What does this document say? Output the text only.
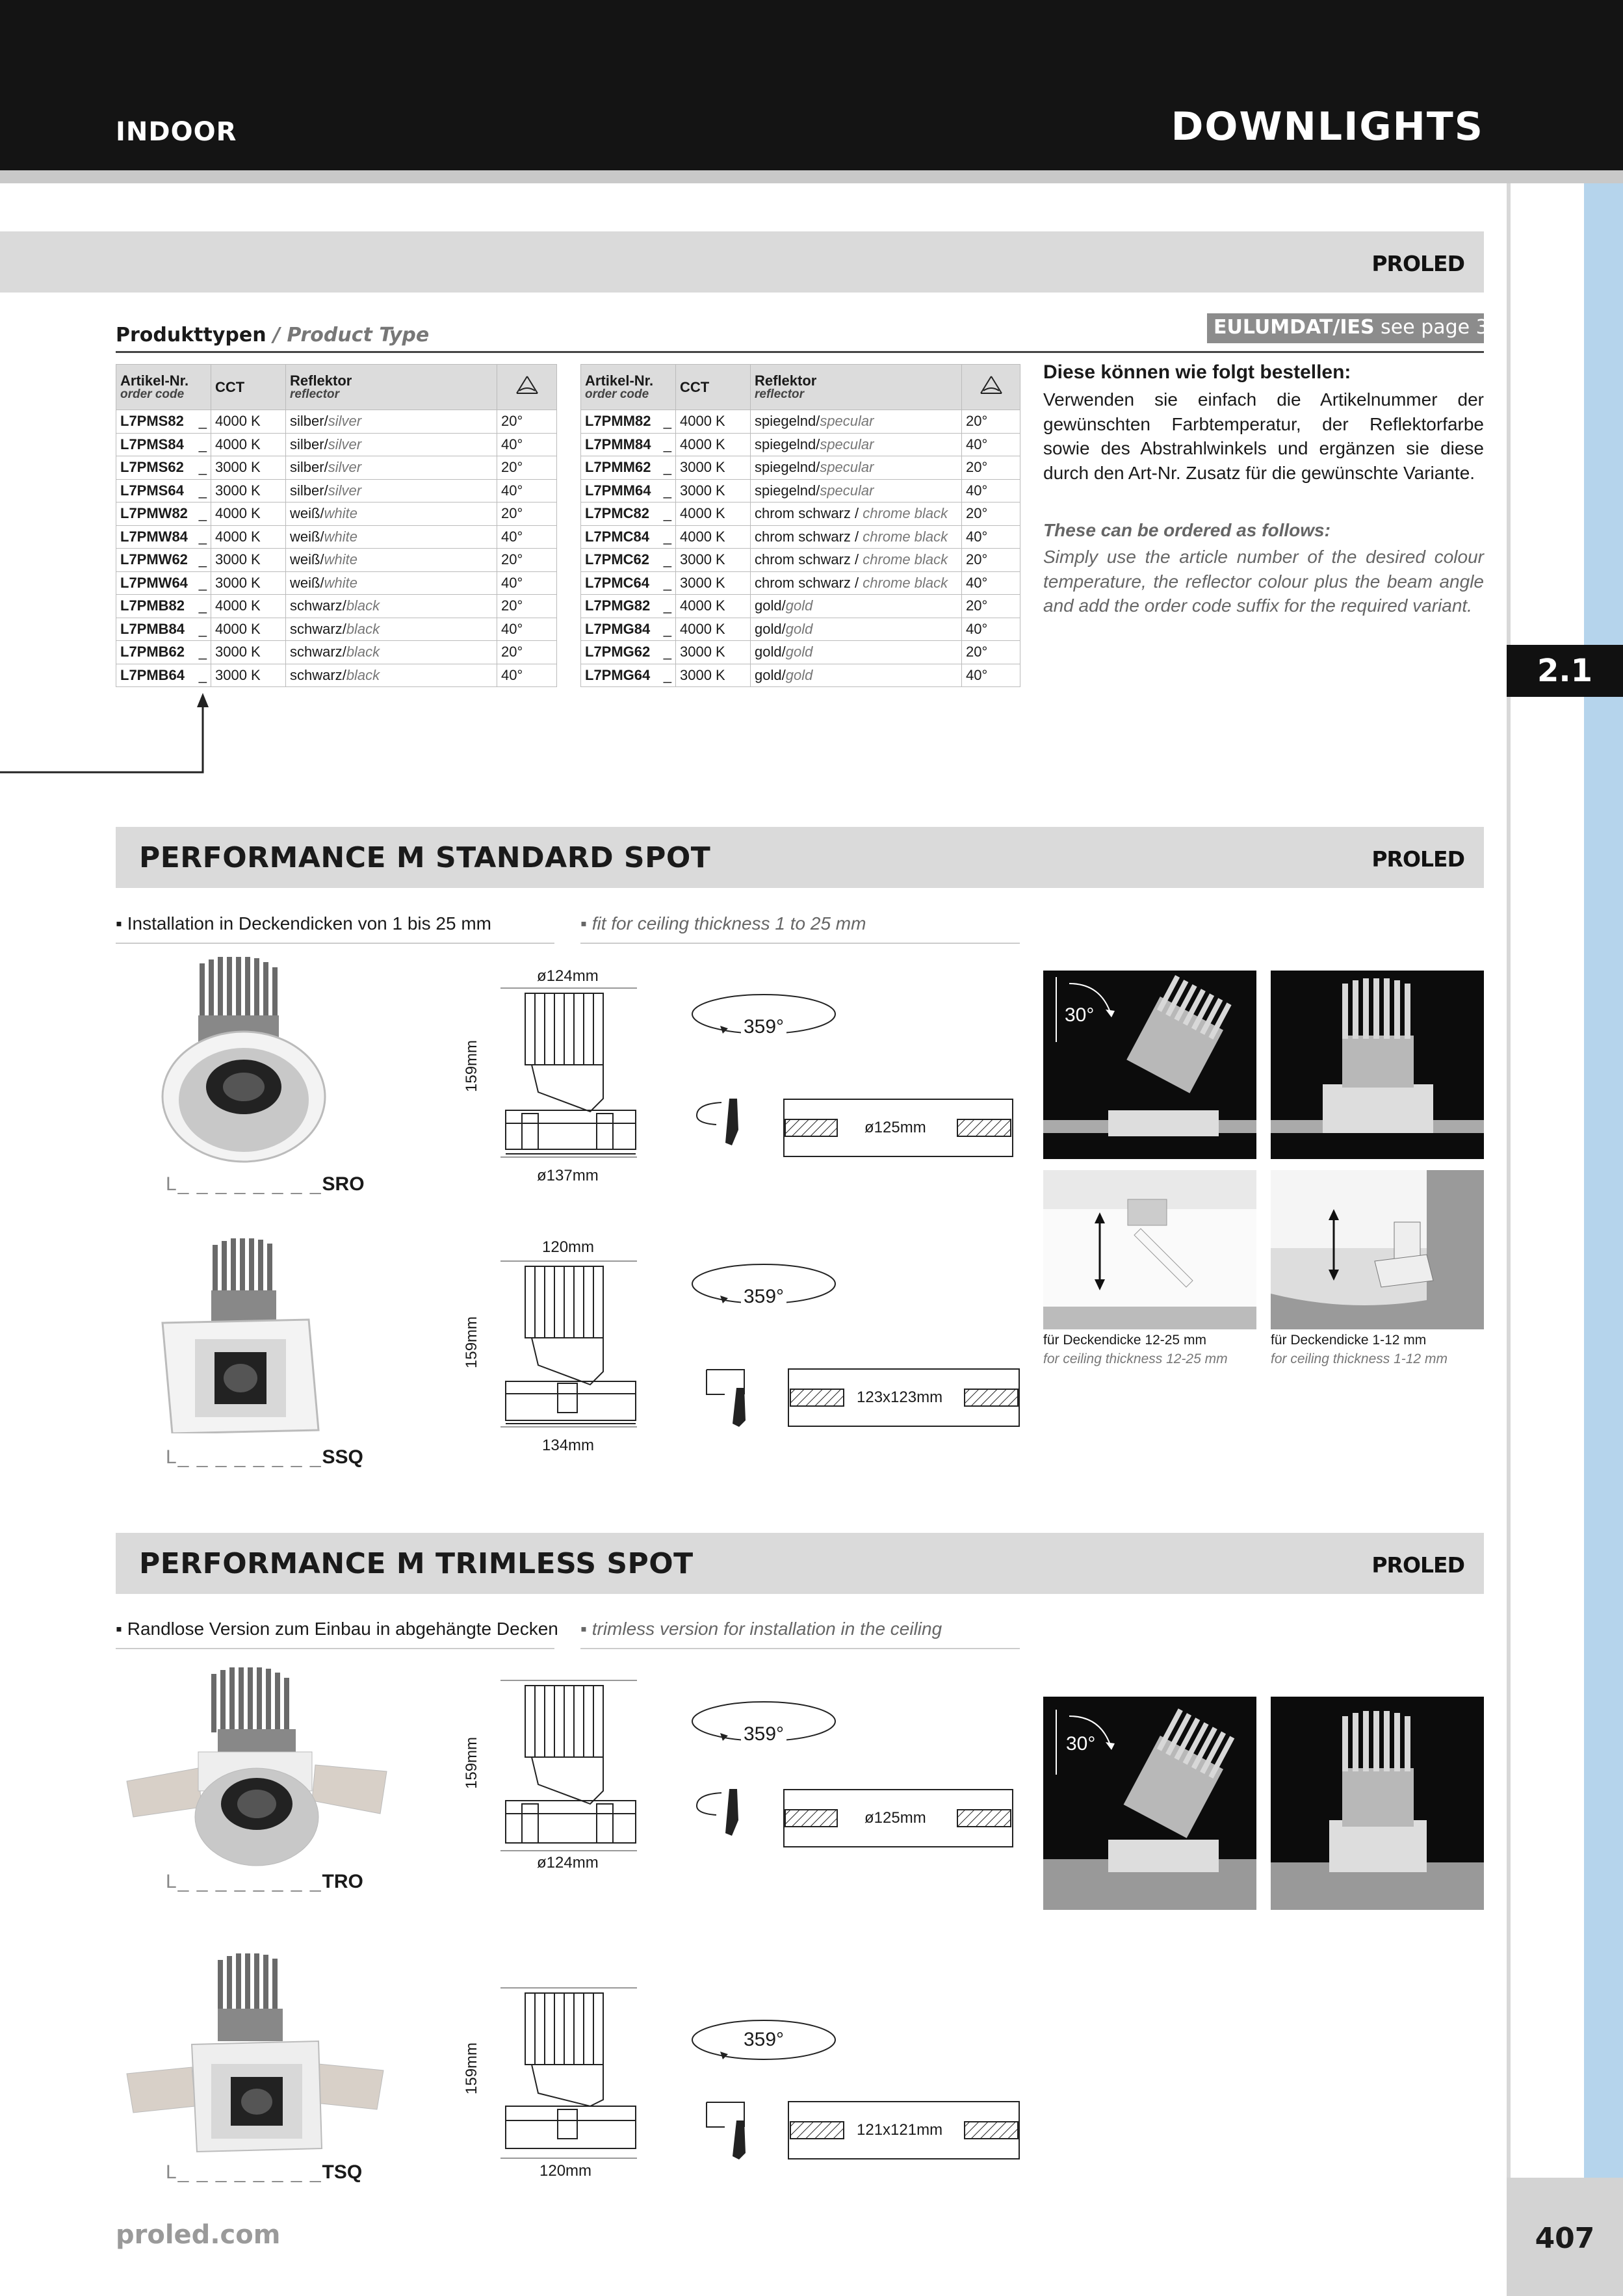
INDOOR	DOWNLIGHTS
2.1
PROLED
Produkttypen / Product Type	EULUMDAT/IES see page 34
Artikel-Nr.
order code	CCT	Reflektor
reflector

L7PMS82 _	4000 K	silber/silver	20°
L7PMS84 _	4000 K	silber/silver	40°
L7PMS62 _	3000 K	silber/silver	20°
L7PMS64 _	3000 K	silber/silver	40°
L7PMW82 _	4000 K	weiß/white	20°
L7PMW84 _	4000 K	weiß/white	40°
L7PMW62 _	3000 K	weiß/white	20°
L7PMW64 _	3000 K	weiß/white	40°
L7PMB82 _	4000 K	schwarz/black	20°
L7PMB84 _	4000 K	schwarz/black	40°
L7PMB62 _	3000 K	schwarz/black	20°
L7PMB64 _	3000 K	schwarz/black	40°
Artikel-Nr.
order code	CCT	Reflektor
reflector

L7PMM82 _	4000 K	spiegelnd/specular	20°
L7PMM84 _	4000 K	spiegelnd/specular	40°
L7PMM62 _	3000 K	spiegelnd/specular	20°
L7PMM64 _	3000 K	spiegelnd/specular	40°
L7PMC82 _	4000 K	chrom schwarz / chrome black	20°
L7PMC84 _	4000 K	chrom schwarz / chrome black	40°
L7PMC62 _	3000 K	chrom schwarz / chrome black	20°
L7PMC64 _	3000 K	chrom schwarz / chrome black	40°
L7PMG82 _	4000 K	gold/gold	20°
L7PMG84 _	4000 K	gold/gold	40°
L7PMG62 _	3000 K	gold/gold	20°
L7PMG64 _	3000 K	gold/gold	40°
Diese können wie folgt bestellen:
Verwenden sie einfach die Artikelnummer der gewünschten Farbtemperatur, der Reflektorfarbe sowie des Abstrahlwinkels und ergänzen sie diese durch den Art-Nr. Zusatz für die gewünschte Variante.
These can be ordered as follows:
Simply use the article number of the desired colour temperature, the reflector colour plus the beam angle and add the order code suffix for the required variant.
PERFORMANCE M STANDARD SPOT	PROLED
▪ Installation in Deckendicken von 1 bis 25 mm	▪ fit for ceiling thickness 1 to 25 mm
L_ _ _ _ _ _ _ _SRO
ø124mm
159mm
ø137mm
359°
ø125mm
L_ _ _ _ _ _ _ _SSQ
120mm
159mm
134mm
359°
123x123mm
30°
für Deckendicke 12-25 mm
for ceiling thickness 12-25 mm
für Deckendicke 1-12 mm
for ceiling thickness 1-12 mm
PERFORMANCE M TRIMLESS SPOT	PROLED
▪ Randlose Version zum Einbau in abgehängte Decken ▪ trimless version for installation in the ceiling
L_ _ _ _ _ _ _ _TRO
159mm
ø124mm
359°
ø125mm
L_ _ _ _ _ _ _ _TSQ
159mm
120mm
359°
121x121mm
30°
proled.com	407
